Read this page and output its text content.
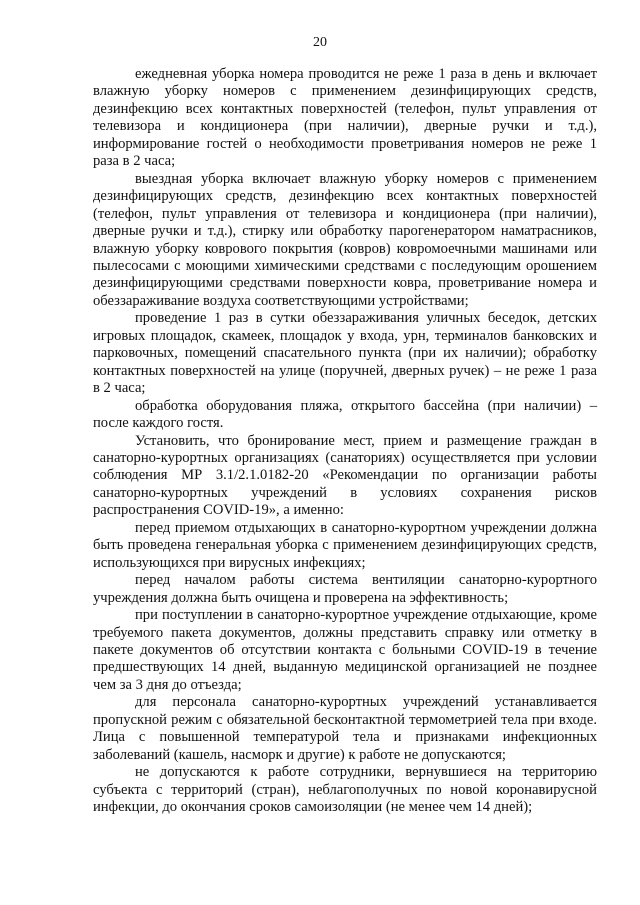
20

ежедневная уборка номера проводится не реже 1 раза в день и включает влажную уборку номеров с применением дезинфицирующих средств, дезинфекцию всех контактных поверхностей (телефон, пульт управления от телевизора и кондиционера (при наличии), дверные ручки и т.д.), информирование гостей о необходимости проветривания номеров не реже 1 раза в 2 часа;

выездная уборка включает влажную уборку номеров с применением дезинфицирующих средств, дезинфекцию всех контактных поверхностей (телефон, пульт управления от телевизора и кондиционера (при наличии), дверные ручки и т.д.), стирку или обработку парогенератором наматрасников, влажную уборку коврового покрытия (ковров) ковромоечными машинами или пылесосами с моющими химическими средствами с последующим орошением дезинфицирующими средствами поверхности ковра, проветривание номера и обеззараживание воздуха соответствующими устройствами;

проведение 1 раз в сутки обеззараживания уличных беседок, детских игровых площадок, скамеек, площадок у входа, урн, терминалов банковских и парковочных, помещений спасательного пункта (при их наличии); обработку контактных поверхностей на улице (поручней, дверных ручек) – не реже 1 раза в 2 часа;

обработка оборудования пляжа, открытого бассейна (при наличии) – после каждого гостя.

Установить, что бронирование мест, прием и размещение граждан в санаторно-курортных организациях (санаториях) осуществляется при условии соблюдения МР 3.1/2.1.0182-20 «Рекомендации по организации работы санаторно-курортных учреждений в условиях сохранения рисков распространения COVID-19», а именно:

перед приемом отдыхающих в санаторно-курортном учреждении должна быть проведена генеральная уборка с применением дезинфицирующих средств, использующихся при вирусных инфекциях;

перед началом работы система вентиляции санаторно-курортного учреждения должна быть очищена и проверена на эффективность;

при поступлении в санаторно-курортное учреждение отдыхающие, кроме требуемого пакета документов, должны представить справку или отметку в пакете документов об отсутствии контакта с больными COVID-19 в течение предшествующих 14 дней, выданную медицинской организацией не позднее чем за 3 дня до отъезда;

для персонала санаторно-курортных учреждений устанавливается пропускной режим с обязательной бесконтактной термометрией тела при входе. Лица с повышенной температурой тела и признаками инфекционных заболеваний (кашель, насморк и другие) к работе не допускаются;

не допускаются к работе сотрудники, вернувшиеся на территорию субъекта с территорий (стран), неблагополучных по новой коронавирусной инфекции, до окончания сроков самоизоляции (не менее чем 14 дней);
